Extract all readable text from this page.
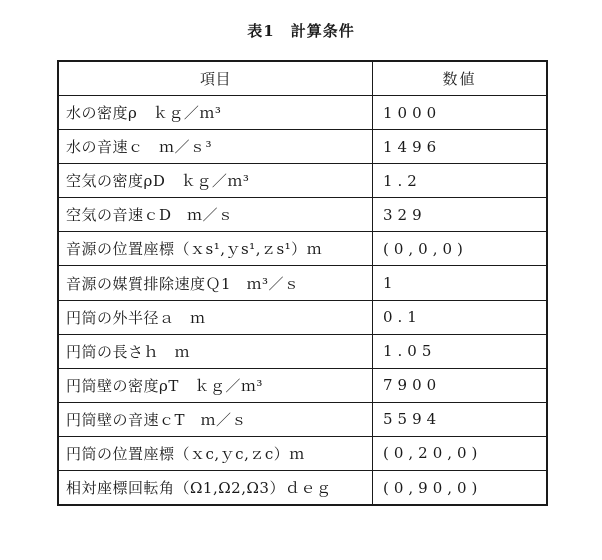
表1 計算条件
項目	数値
水の密度ρ　ｋｇ／ｍ³	1000
水の音速ｃ　ｍ／ｓ³	1496
空気の密度ρD　ｋｇ／ｍ³	1.2
空気の音速ｃD　ｍ／ｓ	329
音源の位置座標（ｘs¹,ｙs¹,ｚs¹）ｍ	(0,0,0)
音源の媒質排除速度Ｑ1　ｍ³／ｓ	1
円筒の外半径ａ　ｍ	0.1
円筒の長さｈ　ｍ	1.05
円筒壁の密度ρT　ｋｇ／ｍ³	7900
円筒壁の音速ｃT　ｍ／ｓ	5594
円筒の位置座標（ｘc,ｙc,ｚc）ｍ	(0,20,0)
相対座標回転角（Ω1,Ω2,Ω3）ｄｅｇ	(0,90,0)
